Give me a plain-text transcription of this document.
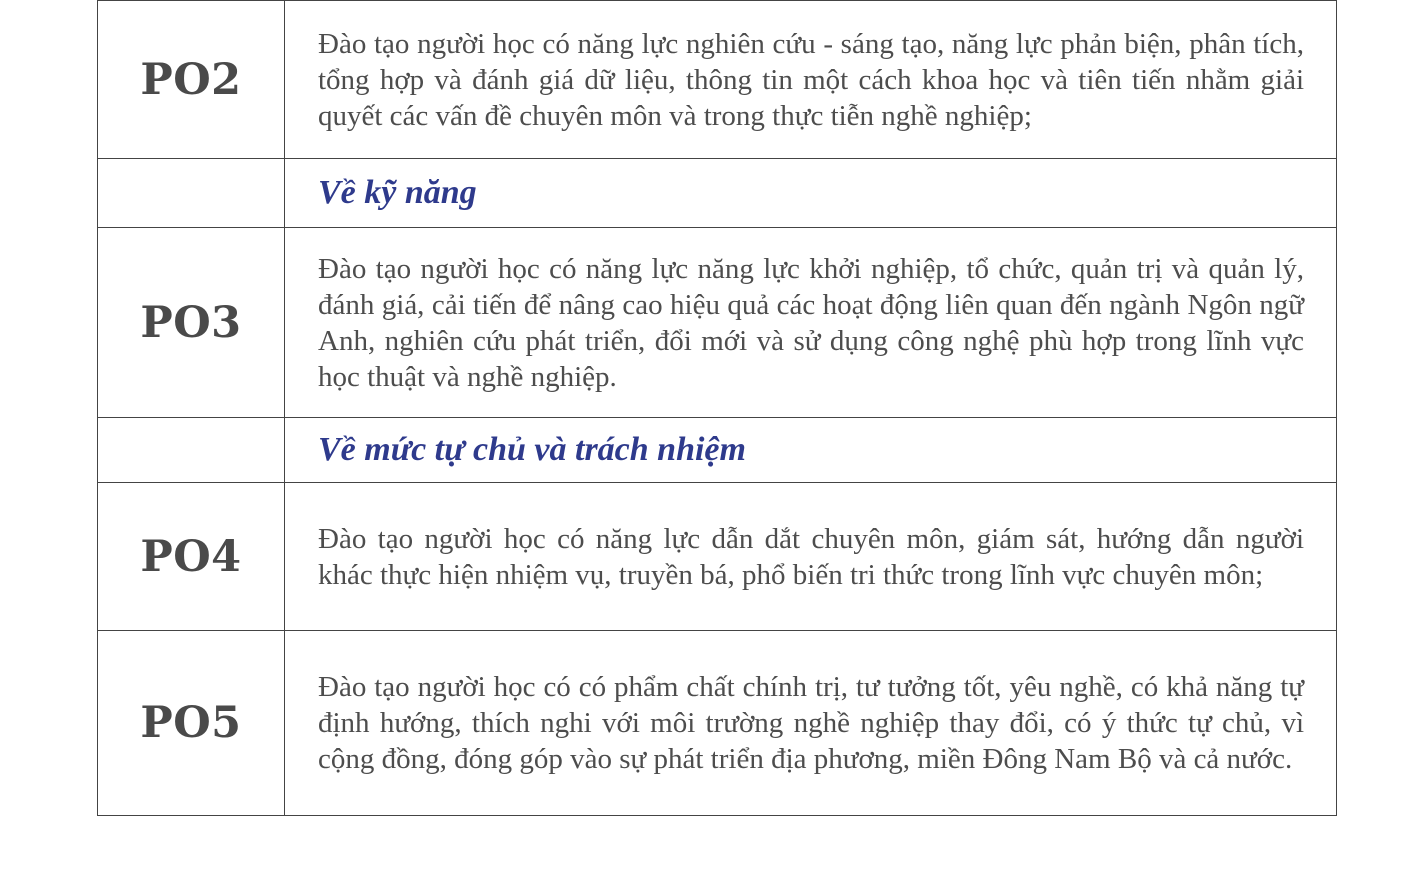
PO2	Đào tạo người học có năng lực nghiên cứu - sáng tạo, năng lực phản biện, phân tích, tổng hợp và đánh giá dữ liệu, thông tin một cách khoa học và tiên tiến nhằm giải quyết các vấn đề chuyên môn và trong thực tiễn nghề nghiệp;
	Về kỹ năng
PO3	Đào tạo người học có năng lực năng lực khởi nghiệp, tổ chức, quản trị và quản lý, đánh giá, cải tiến để nâng cao hiệu quả các hoạt động liên quan đến ngành Ngôn ngữ Anh, nghiên cứu phát triển, đổi mới và sử dụng công nghệ phù hợp trong lĩnh vực học thuật và nghề nghiệp.
	Về mức tự chủ và trách nhiệm
PO4	Đào tạo người học có năng lực dẫn dắt chuyên môn, giám sát, hướng dẫn người khác thực hiện nhiệm vụ, truyền bá, phổ biến tri thức trong lĩnh vực chuyên môn;
PO5	Đào tạo người học có có phẩm chất chính trị, tư tưởng tốt, yêu nghề, có khả năng tự định hướng, thích nghi với môi trường nghề nghiệp thay đổi, có ý thức tự chủ, vì cộng đồng, đóng góp vào sự phát triển địa phương, miền Đông Nam Bộ và cả nước.
